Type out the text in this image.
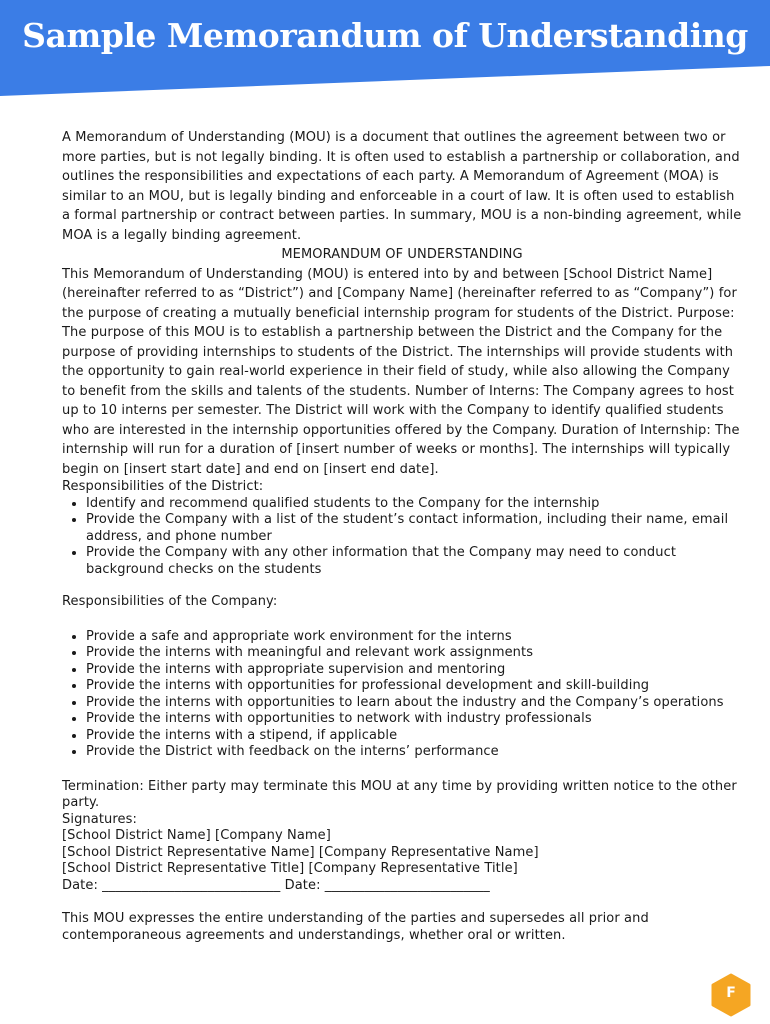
Sample Memorandum of Understanding

A Memorandum of Understanding (MOU) is a document that outlines the agreement between two or more parties, but is not legally binding. It is often used to establish a partnership or collaboration, and outlines the responsibilities and expectations of each party. A Memorandum of Agreement (MOA) is similar to an MOU, but is legally binding and enforceable in a court of law. It is often used to establish a formal partnership or contract between parties. In summary, MOU is a non-binding agreement, while MOA is a legally binding agreement.

MEMORANDUM OF UNDERSTANDING

This Memorandum of Understanding (MOU) is entered into by and between [School District Name] (hereinafter referred to as “District”) and [Company Name] (hereinafter referred to as “Company”) for the purpose of creating a mutually beneficial internship program for students of the District. Purpose: The purpose of this MOU is to establish a partnership between the District and the Company for the purpose of providing internships to students of the District. The internships will provide students with the opportunity to gain real-world experience in their field of study, while also allowing the Company to benefit from the skills and talents of the students. Number of Interns: The Company agrees to host up to 10 interns per semester. The District will work with the Company to identify qualified students who are interested in the internship opportunities offered by the Company. Duration of Internship: The internship will run for a duration of [insert number of weeks or months]. The internships will typically begin on [insert start date] and end on [insert end date].

Responsibilities of the District:

• Identify and recommend qualified students to the Company for the internship
• Provide the Company with a list of the student’s contact information, including their name, email address, and phone number
• Provide the Company with any other information that the Company may need to conduct background checks on the students

Responsibilities of the Company:

• Provide a safe and appropriate work environment for the interns
• Provide the interns with meaningful and relevant work assignments
• Provide the interns with appropriate supervision and mentoring
• Provide the interns with opportunities for professional development and skill-building
• Provide the interns with opportunities to learn about the industry and the Company’s operations
• Provide the interns with opportunities to network with industry professionals
• Provide the interns with a stipend, if applicable
• Provide the District with feedback on the interns’ performance

Termination: Either party may terminate this MOU at any time by providing written notice to the other party.

Signatures:
[School District Name] [Company Name]
[School District Representative Name] [Company Representative Name]
[School District Representative Title] [Company Representative Title]
Date: ___________________________ Date: _________________________

This MOU expresses the entire understanding of the parties and supersedes all prior and contemporaneous agreements and understandings, whether oral or written.

F
